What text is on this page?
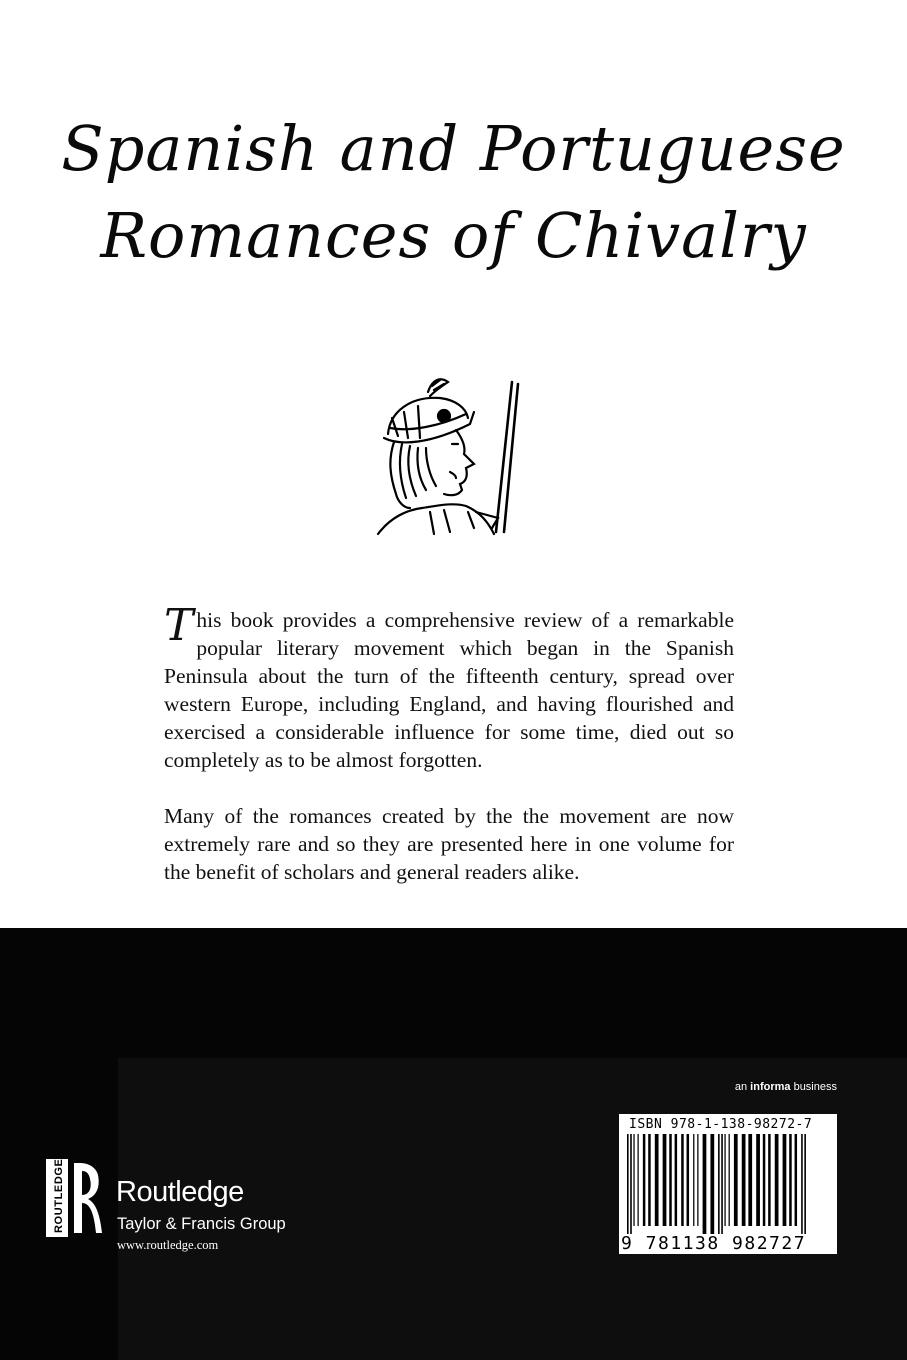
Spanish and Portuguese
Romances of Chivalry
This book provides a comprehensive review of a remarkable popular literary movement which began in the Spanish Peninsula about the turn of the fifteenth century, spread over western Europe, including England, and having flourished and exercised a considerable influence for some time, died out so completely as to be almost forgotten.
Many of the romances created by the the movement are now extremely rare and so they are presented here in one volume for the benefit of scholars and general readers alike.
an informa business
ISBN 978-1-138-98272-7
9 781138 982727
ROUTLEDGE Routledge
Taylor & Francis Group
www.routledge.com
